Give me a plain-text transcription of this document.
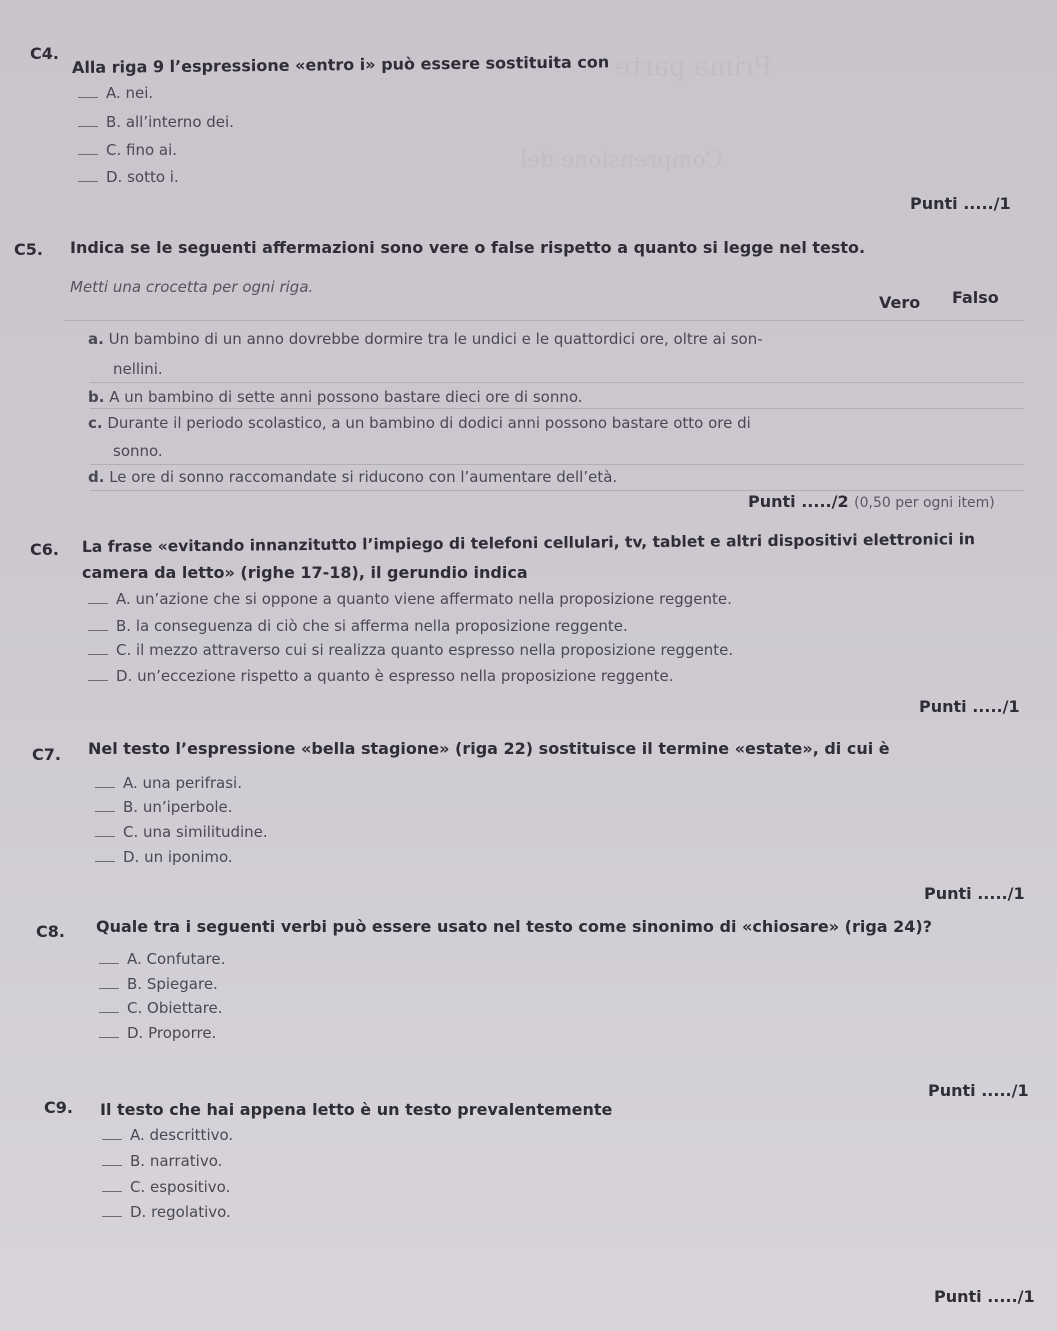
Prima parte
Comprensione del
C4. Alla riga 9 l’espressione «entro i» può essere sostituita con
A. nei.
B. all’interno dei.
C. fino ai.
D. sotto i.
Punti ...../1
C5. Indica se le seguenti affermazioni sono vere o false rispetto a quanto si legge nel testo.
Metti una crocetta per ogni riga.
Vero Falso
a. Un bambino di un anno dovrebbe dormire tra le undici e le quattordici ore, oltre ai son-
nellini.
b. A un bambino di sette anni possono bastare dieci ore di sonno.
c. Durante il periodo scolastico, a un bambino di dodici anni possono bastare otto ore di
sonno.
d. Le ore di sonno raccomandate si riducono con l’aumentare dell’età.
Punti ...../2 (0,50 per ogni item)
C6. La frase «evitando innanzitutto l’impiego di telefoni cellulari, tv, tablet e altri dispositivi elettronici in
camera da letto» (righe 17-18), il gerundio indica
A. un’azione che si oppone a quanto viene affermato nella proposizione reggente.
B. la conseguenza di ciò che si afferma nella proposizione reggente.
C. il mezzo attraverso cui si realizza quanto espresso nella proposizione reggente.
D. un’eccezione rispetto a quanto è espresso nella proposizione reggente.
Punti ...../1
C7. Nel testo l’espressione «bella stagione» (riga 22) sostituisce il termine «estate», di cui è
A. una perifrasi.
B. un’iperbole.
C. una similitudine.
D. un iponimo.
Punti ...../1
C8. Quale tra i seguenti verbi può essere usato nel testo come sinonimo di «chiosare» (riga 24)?
A. Confutare.
B. Spiegare.
C. Obiettare.
D. Proporre.
Punti ...../1
C9. Il testo che hai appena letto è un testo prevalentemente
A. descrittivo.
B. narrativo.
C. espositivo.
D. regolativo.
Punti ...../1
